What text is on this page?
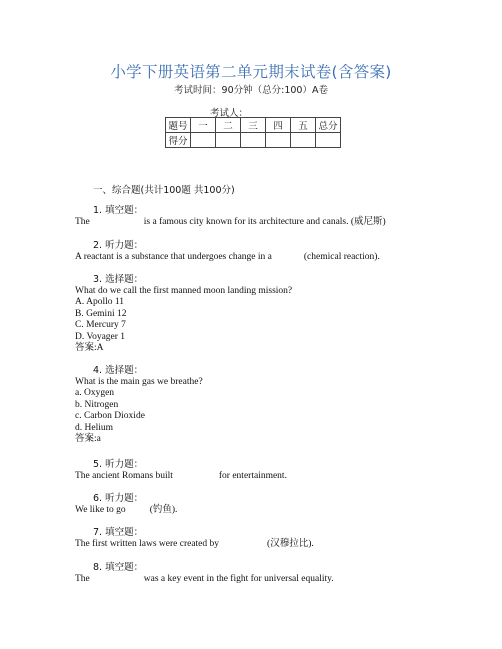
小学下册英语第二单元期末试卷(含答案)
考试时间：90分钟（总分:100）A卷
考试人：
题号	一	二	三	四	五	总分
得分						
一、综合题(共计100题 共100分)
1. 填空题：
The	is a famous city known for its architecture and canals. (威尼斯)
2. 听力题：
A reactant is a substance that undergoes change in a	(chemical reaction).
3. 选择题：
What do we call the first manned moon landing mission?
A. Apollo 11
B. Gemini 12
C. Mercury 7
D. Voyager 1
答案:A
4. 选择题：
What is the main gas we breathe?
a. Oxygen
b. Nitrogen
c. Carbon Dioxide
d. Helium
答案:a
5. 听力题：
The ancient Romans built	for entertainment.
6. 听力题：
We like to go	(钓鱼).
7. 填空题：
The first written laws were created by	(汉穆拉比).
8. 填空题：
The	was a key event in the fight for universal equality.
